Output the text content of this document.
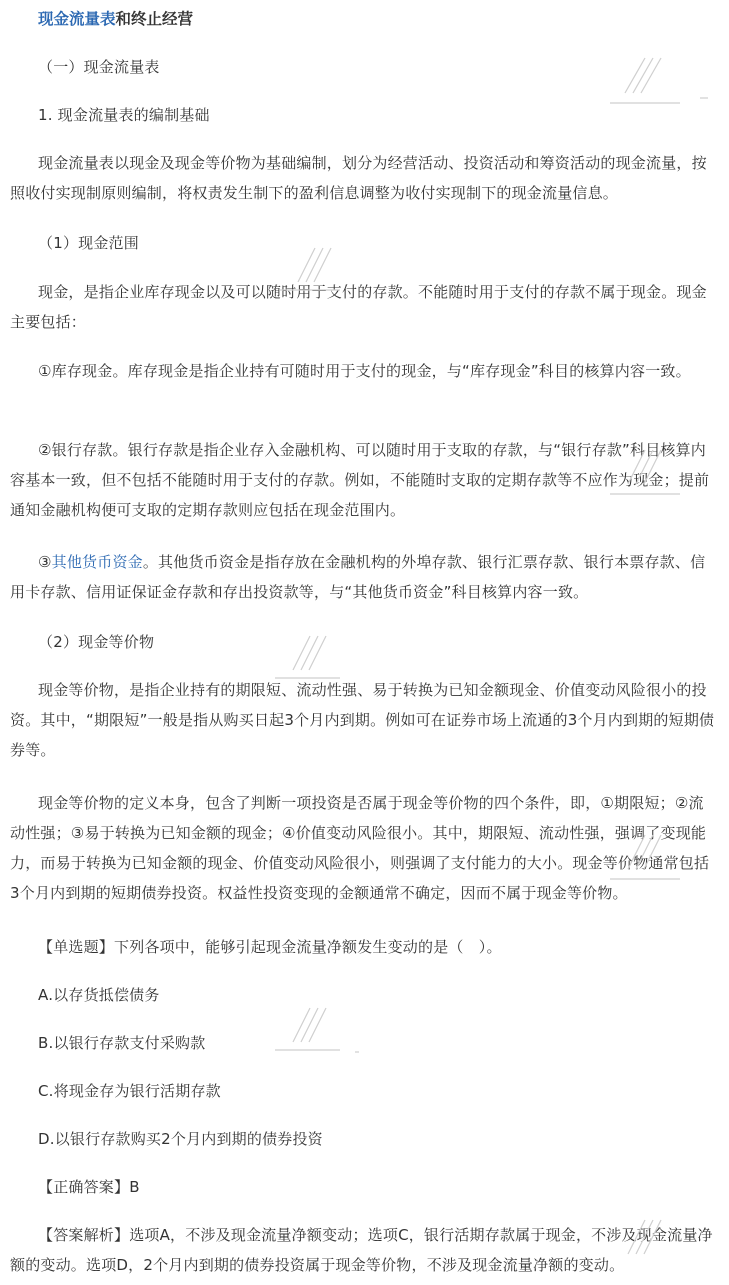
现金流量表和终止经营

（一）现金流量表

1. 现金流量表的编制基础

现金流量表以现金及现金等价物为基础编制，划分为经营活动、投资活动和筹资活动的现金流量，按照收付实现制原则编制，将权责发生制下的盈利信息调整为收付实现制下的现金流量信息。

（1）现金范围

现金，是指企业库存现金以及可以随时用于支付的存款。不能随时用于支付的存款不属于现金。现金主要包括：

①库存现金。库存现金是指企业持有可随时用于支付的现金，与“库存现金”科目的核算内容一致。

②银行存款。银行存款是指企业存入金融机构、可以随时用于支取的存款，与“银行存款”科目核算内容基本一致，但不包括不能随时用于支付的存款。例如，不能随时支取的定期存款等不应作为现金；提前通知金融机构便可支取的定期存款则应包括在现金范围内。

③其他货币资金。其他货币资金是指存放在金融机构的外埠存款、银行汇票存款、银行本票存款、信用卡存款、信用证保证金存款和存出投资款等，与“其他货币资金”科目核算内容一致。

（2）现金等价物

现金等价物，是指企业持有的期限短、流动性强、易于转换为已知金额现金、价值变动风险很小的投资。其中，“期限短”一般是指从购买日起3个月内到期。例如可在证券市场上流通的3个月内到期的短期债券等。

现金等价物的定义本身，包含了判断一项投资是否属于现金等价物的四个条件，即，①期限短；②流动性强；③易于转换为已知金额的现金；④价值变动风险很小。其中，期限短、流动性强，强调了变现能力，而易于转换为已知金额的现金、价值变动风险很小，则强调了支付能力的大小。现金等价物通常包括3个月内到期的短期债券投资。权益性投资变现的金额通常不确定，因而不属于现金等价物。

【单选题】下列各项中，能够引起现金流量净额发生变动的是（　）。

A.以存货抵偿债务

B.以银行存款支付采购款

C.将现金存为银行活期存款

D.以银行存款购买2个月内到期的债券投资

【正确答案】B

【答案解析】选项A，不涉及现金流量净额变动；选项C，银行活期存款属于现金，不涉及现金流量净额的变动。选项D，2个月内到期的债券投资属于现金等价物，不涉及现金流量净额的变动。
